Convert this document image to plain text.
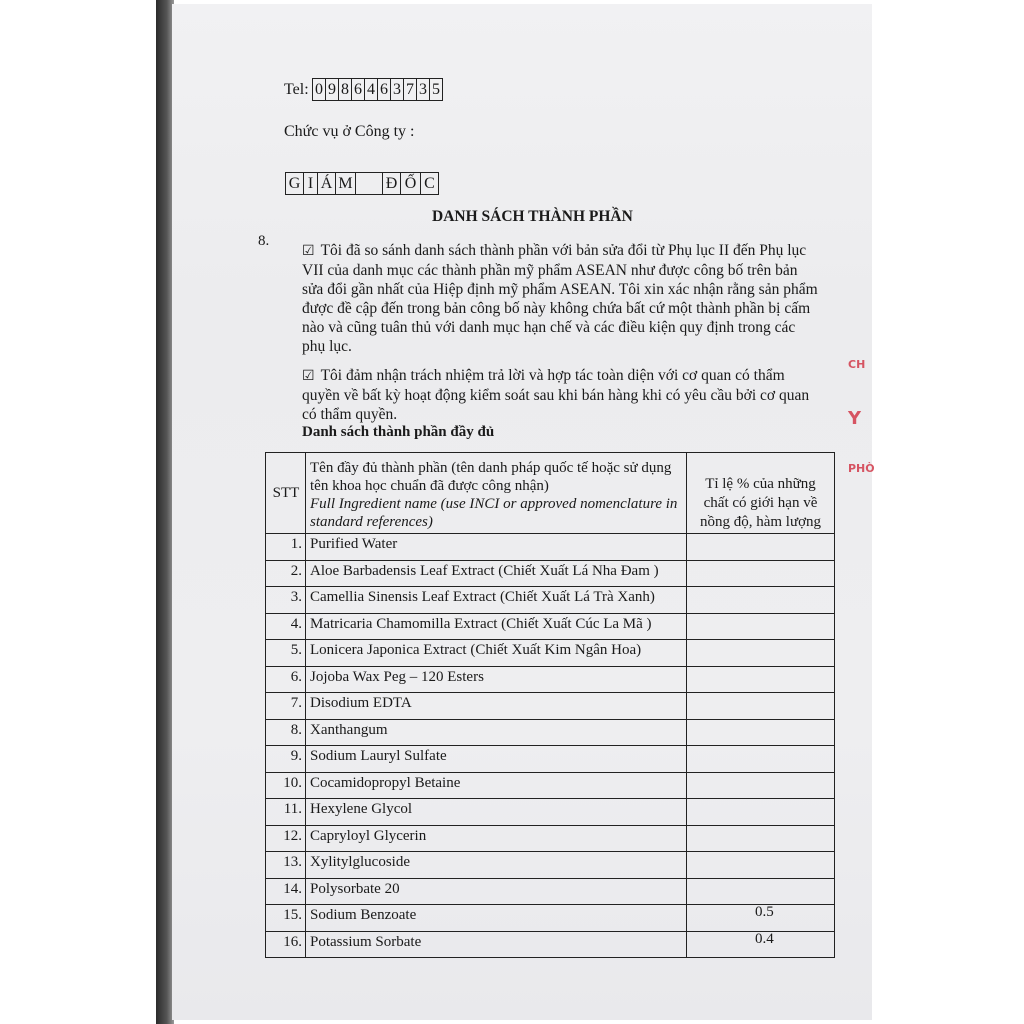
CH
Y
PHÒ
Tel: 0 9 8 6 4 6 3 7 3 5
Chức vụ ở Công ty :
G I Á M Đ Ố C
DANH SÁCH THÀNH PHẦN
8.
☑ Tôi đã so sánh danh sách thành phần với bản sửa đổi từ Phụ lục II đến Phụ lục
VII của danh mục các thành phần mỹ phẩm ASEAN như được công bố trên bản
sửa đổi gần nhất của Hiệp định mỹ phẩm ASEAN. Tôi xin xác nhận rằng sản phẩm
được đề cập đến trong bản công bố này không chứa bất cứ một thành phần bị cấm
nào và cũng tuân thủ với danh mục hạn chế và các điều kiện quy định trong các
phụ lục.
☑ Tôi đảm nhận trách nhiệm trả lời và hợp tác toàn diện với cơ quan có thẩm
quyền về bất kỳ hoạt động kiểm soát sau khi bán hàng khi có yêu cầu bởi cơ quan
có thẩm quyền.
Danh sách thành phần đầy đủ
STT	Tên đầy đủ thành phần (tên danh pháp quốc tế hoặc sử dụng tên khoa học chuẩn đã được công nhận)
Full Ingredient name (use INCI or approved nomenclature in standard references)	Tỉ lệ % của những chất có giới hạn về nồng độ, hàm lượng
1.	Purified Water	

2.	Aloe Barbadensis Leaf Extract (Chiết Xuất Lá Nha Đam )	

3.	Camellia Sinensis Leaf Extract (Chiết Xuất Lá Trà Xanh)	

4.	Matricaria Chamomilla Extract (Chiết Xuất Cúc La Mã )	

5.	Lonicera Japonica Extract (Chiết Xuất Kim Ngân Hoa)	

6.	Jojoba Wax Peg – 120 Esters	

7.	Disodium EDTA	

8.	Xanthangum	

9.	Sodium Lauryl Sulfate	

10.	Cocamidopropyl Betaine	

11.	Hexylene Glycol	

12.	Capryloyl Glycerin	

13.	Xylitylglucoside	

14.	Polysorbate 20	

15.	Sodium Benzoate	0.5

16.	Potassium Sorbate	0.4
